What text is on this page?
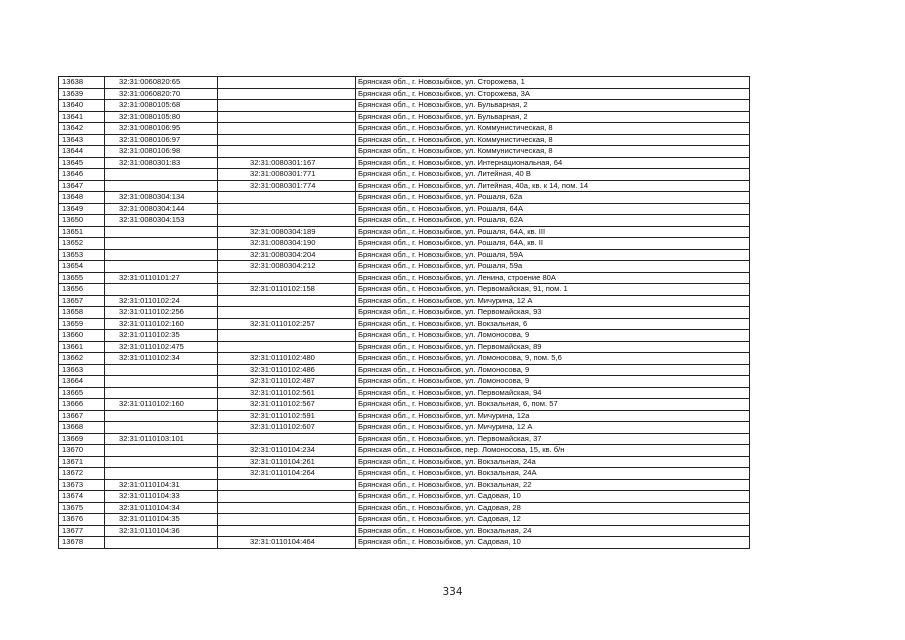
13638	32:31:0060820:65		Брянская обл., г. Новозыбков, ул. Сторожева, 1
13639	32:31:0060820:70		Брянская обл., г. Новозыбков, ул. Сторожева, 3А
13640	32:31:0080105:68		Брянская обл., г. Новозыбков, ул. Бульварная, 2
13641	32:31:0080105:80		Брянская обл., г. Новозыбков, ул. Бульварная, 2
13642	32:31:0080106:95		Брянская обл., г. Новозыбков, ул. Коммунистическая, 8
13643	32:31:0080106:97		Брянская обл., г. Новозыбков, ул. Коммунистическая, 8
13644	32:31:0080106:98		Брянская обл., г. Новозыбков, ул. Коммунистическая, 8
13645	32:31:0080301:83	32:31:0080301:167	Брянская обл., г. Новозыбков, ул. Интернациональная, 64
13646		32:31:0080301:771	Брянская обл., г. Новозыбков, ул. Литейная, 40 В
13647		32:31:0080301:774	Брянская обл., г. Новозыбков, ул. Литейная, 40а, кв. к 14, пом. 14
13648	32:31:0080304:134		Брянская обл., г. Новозыбков, ул. Рошаля, 62а
13649	32:31:0080304:144		Брянская обл., г. Новозыбков, ул. Рошаля, 64А
13650	32:31:0080304:153		Брянская обл., г. Новозыбков, ул. Рошаля, 62А
13651		32:31:0080304:189	Брянская обл., г. Новозыбков, ул. Рошаля, 64А, кв. III
13652		32:31:0080304:190	Брянская обл., г. Новозыбков, ул. Рошаля, 64А, кв. II
13653		32:31:0080304:204	Брянская обл., г. Новозыбков, ул. Рошаля, 59А
13654		32:31:0080304:212	Брянская обл., г. Новозыбков, ул. Рошаля, 59а
13655	32:31:0110101:27		Брянская обл., г. Новозыбков, ул. Ленина, строение 80А
13656		32:31:0110102:158	Брянская обл., г. Новозыбков, ул. Первомайская, 91, пом. 1
13657	32:31:0110102:24		Брянская обл., г. Новозыбков, ул. Мичурина, 12 А
13658	32:31:0110102:256		Брянская обл., г. Новозыбков, ул. Первомайская, 93
13659	32:31:0110102:160	32:31:0110102:257	Брянская обл., г. Новозыбков, ул. Вокзальная, 6
13660	32:31:0110102:35		Брянская обл., г. Новозыбков, ул. Ломоносова, 9
13661	32:31:0110102:475		Брянская обл., г. Новозыбков, ул. Первомайская, 89
13662	32:31:0110102:34	32:31:0110102:480	Брянская обл., г. Новозыбков, ул. Ломоносова, 9, пом. 5,6
13663		32:31:0110102:486	Брянская обл., г. Новозыбков, ул. Ломоносова, 9
13664		32:31:0110102:487	Брянская обл., г. Новозыбков, ул. Ломоносова, 9
13665		32:31:0110102:561	Брянская обл., г. Новозыбков, ул. Первомайская, 94
13666	32:31:0110102:160	32:31:0110102:567	Брянская обл., г. Новозыбков, ул. Вокзальная, 6, пом. 57
13667		32:31:0110102:591	Брянская обл., г. Новозыбков, ул. Мичурина, 12а
13668		32:31:0110102:607	Брянская обл., г. Новозыбков, ул. Мичурина, 12 А
13669	32:31:0110103:101		Брянская обл., г. Новозыбков, ул. Первомайская, 37
13670		32:31:0110104:234	Брянская обл., г. Новозыбков, пер. Ломоносова, 15, кв. б/н
13671		32:31:0110104:261	Брянская обл., г. Новозыбков, ул. Вокзальная, 24а
13672		32:31:0110104:264	Брянская обл., г. Новозыбков, ул. Вокзальная, 24А
13673	32:31:0110104:31		Брянская обл., г. Новозыбков, ул. Вокзальная, 22
13674	32:31:0110104:33		Брянская обл., г. Новозыбков, ул. Садовая, 10
13675	32:31:0110104:34		Брянская обл., г. Новозыбков, ул. Садовая, 28
13676	32:31:0110104:35		Брянская обл., г. Новозыбков, ул. Садовая, 12
13677	32:31:0110104:36		Брянская обл., г. Новозыбков, ул. Вокзальная, 24
13678		32:31:0110104:464	Брянская обл., г. Новозыбков, ул. Садовая, 10
334
